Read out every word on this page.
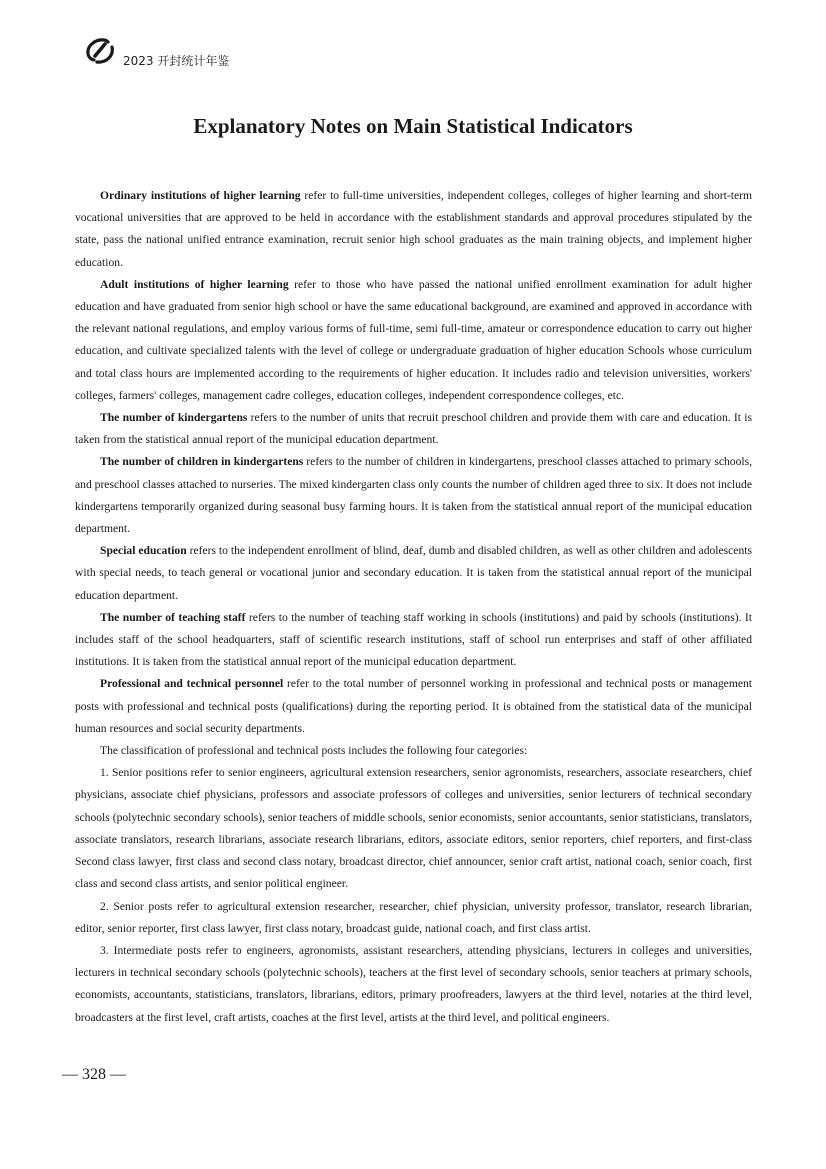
2023 开封统计年鉴
Explanatory Notes on Main Statistical Indicators

Ordinary institutions of higher learning refer to full-time universities, independent colleges, colleges of higher learning and short-term vocational universities that are approved to be held in accordance with the establishment standards and approval procedures stipulated by the state, pass the national unified entrance examination, recruit senior high school graduates as the main training objects, and implement higher education.

Adult institutions of higher learning refer to those who have passed the national unified enrollment examination for adult higher education and have graduated from senior high school or have the same educational background, are examined and approved in accordance with the relevant national regulations, and employ various forms of full-time, semi full-time, amateur or correspondence education to carry out higher education, and cultivate specialized talents with the level of college or undergraduate graduation of higher education Schools whose curriculum and total class hours are implemented according to the requirements of higher education. It includes radio and television universities, workers' colleges, farmers' colleges, management cadre colleges, education colleges, independent correspondence colleges, etc.

The number of kindergartens refers to the number of units that recruit preschool children and provide them with care and education. It is taken from the statistical annual report of the municipal education department.

The number of children in kindergartens refers to the number of children in kindergartens, preschool classes attached to primary schools, and preschool classes attached to nurseries. The mixed kindergarten class only counts the number of children aged three to six. It does not include kindergartens temporarily organized during seasonal busy farming hours. It is taken from the statistical annual report of the municipal education department.

Special education refers to the independent enrollment of blind, deaf, dumb and disabled children, as well as other children and adolescents with special needs, to teach general or vocational junior and secondary education. It is taken from the statistical annual report of the municipal education department.

The number of teaching staff refers to the number of teaching staff working in schools (institutions) and paid by schools (institutions). It includes staff of the school headquarters, staff of scientific research institutions, staff of school run enterprises and staff of other affiliated institutions. It is taken from the statistical annual report of the municipal education department.

Professional and technical personnel refer to the total number of personnel working in professional and technical posts or management posts with professional and technical posts (qualifications) during the reporting period. It is obtained from the statistical data of the municipal human resources and social security departments.

The classification of professional and technical posts includes the following four categories:

1. Senior positions refer to senior engineers, agricultural extension researchers, senior agronomists, researchers, associate researchers, chief physicians, associate chief physicians, professors and associate professors of colleges and universities, senior lecturers of technical secondary schools (polytechnic secondary schools), senior teachers of middle schools, senior economists, senior accountants, senior statisticians, translators, associate translators, research librarians, associate research librarians, editors, associate editors, senior reporters, chief reporters, and first-class Second class lawyer, first class and second class notary, broadcast director, chief announcer, senior craft artist, national coach, senior coach, first class and second class artists, and senior political engineer.

2. Senior posts refer to agricultural extension researcher, researcher, chief physician, university professor, translator, research librarian, editor, senior reporter, first class lawyer, first class notary, broadcast guide, national coach, and first class artist.

3. Intermediate posts refer to engineers, agronomists, assistant researchers, attending physicians, lecturers in colleges and universities, lecturers in technical secondary schools (polytechnic schools), teachers at the first level of secondary schools, senior teachers at primary schools, economists, accountants, statisticians, translators, librarians, editors, primary proofreaders, lawyers at the third level, notaries at the third level, broadcasters at the first level, craft artists, coaches at the first level, artists at the third level, and political engineers.

— 328 —
